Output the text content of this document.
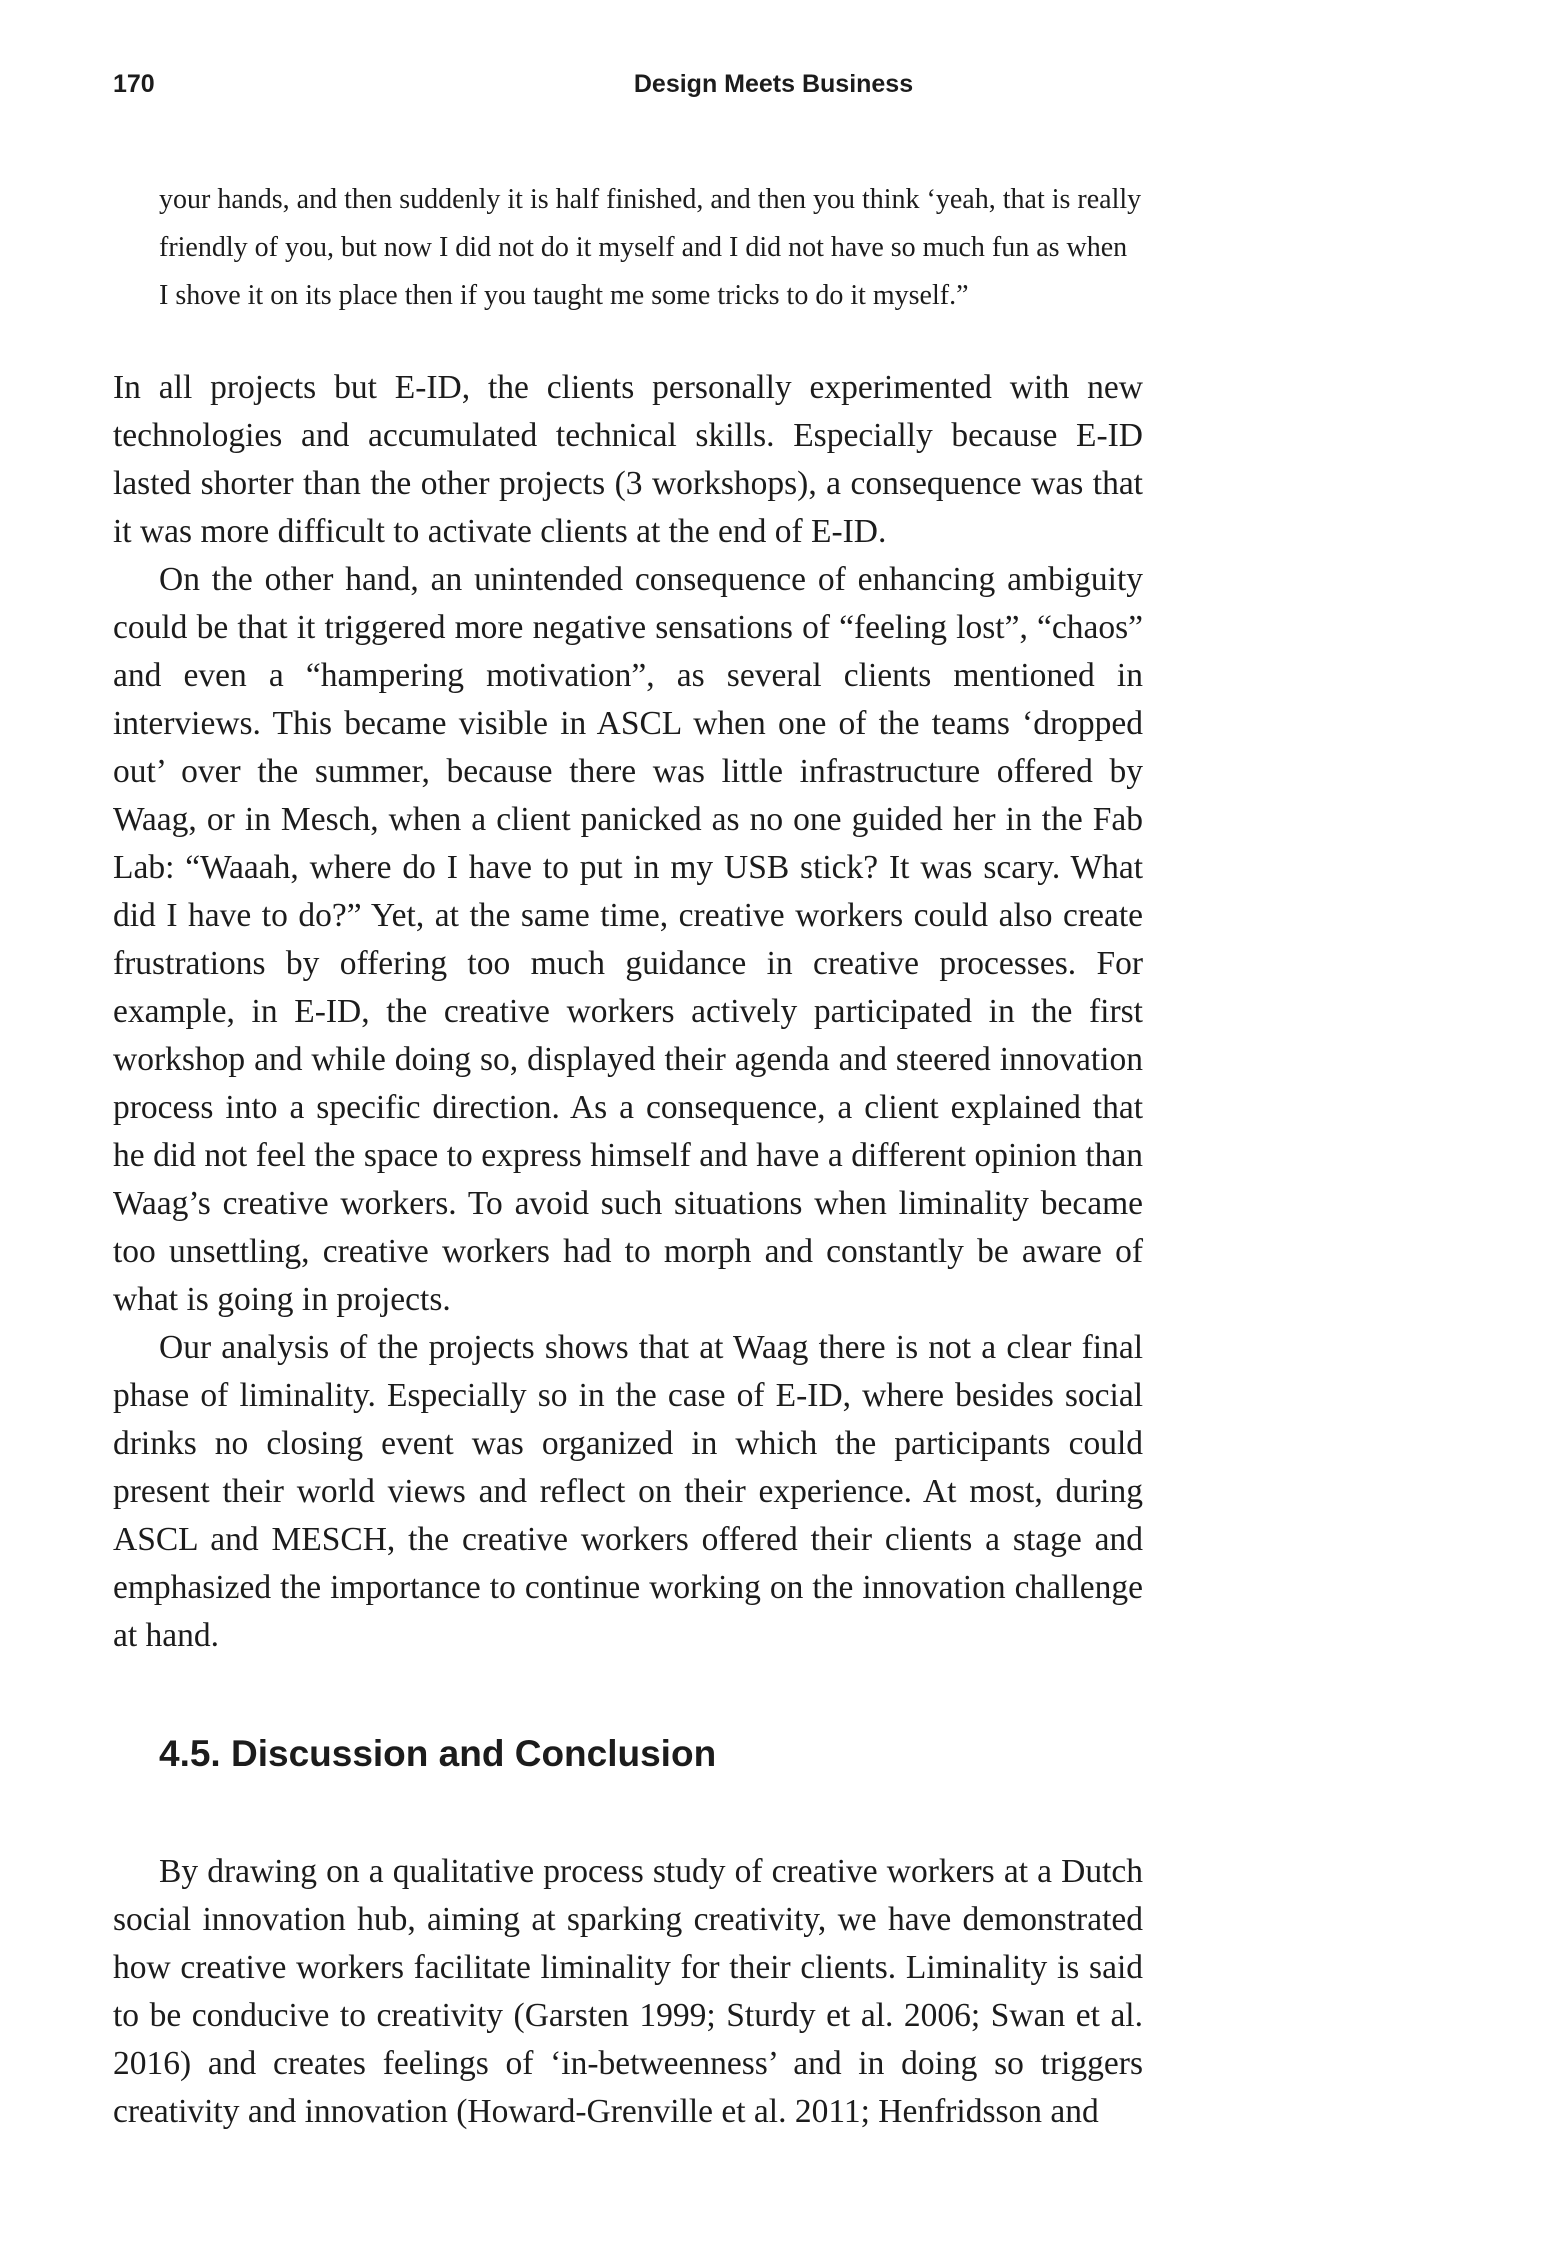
170	Design Meets Business

your hands, and then suddenly it is half finished, and then you think ‘yeah, that is really friendly of you, but now I did not do it myself and I did not have so much fun as when I shove it on its place then if you taught me some tricks to do it myself.”

In all projects but E-ID, the clients personally experimented with new technologies and accumulated technical skills. Especially because E-ID lasted shorter than the other projects (3 workshops), a consequence was that it was more difficult to activate clients at the end of E-ID.

On the other hand, an unintended consequence of enhancing ambiguity could be that it triggered more negative sensations of “feeling lost”, “chaos” and even a “hampering motivation”, as several clients mentioned in interviews. This became visible in ASCL when one of the teams ‘dropped out’ over the summer, because there was little infrastructure offered by Waag, or in Mesch, when a client panicked as no one guided her in the Fab Lab: “Waaah, where do I have to put in my USB stick? It was scary. What did I have to do?” Yet, at the same time, creative workers could also create frustrations by offering too much guidance in creative processes. For example, in E-ID, the creative workers actively participated in the first workshop and while doing so, displayed their agenda and steered innovation process into a specific direction. As a consequence, a client explained that he did not feel the space to express himself and have a different opinion than Waag’s creative workers. To avoid such situations when liminality became too unsettling, creative workers had to morph and constantly be aware of what is going in projects.

Our analysis of the projects shows that at Waag there is not a clear final phase of liminality. Especially so in the case of E-ID, where besides social drinks no closing event was organized in which the participants could present their world views and reflect on their experience. At most, during ASCL and MESCH, the creative workers offered their clients a stage and emphasized the importance to continue working on the innovation challenge at hand.

4.5. Discussion and Conclusion

By drawing on a qualitative process study of creative workers at a Dutch social innovation hub, aiming at sparking creativity, we have demonstrated how creative workers facilitate liminality for their clients. Liminality is said to be conducive to creativity (Garsten 1999; Sturdy et al. 2006; Swan et al. 2016) and creates feelings of ‘in-betweenness’ and in doing so triggers creativity and innovation (Howard-Grenville et al. 2011; Henfridsson and
